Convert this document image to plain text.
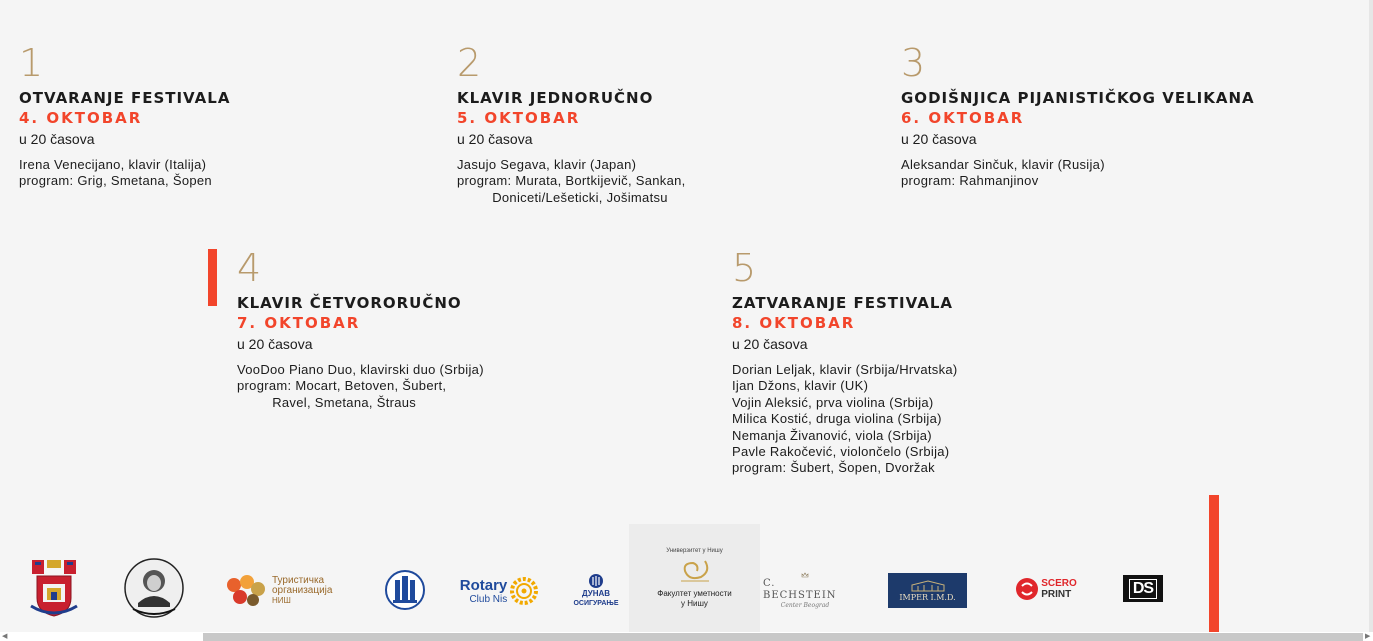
1
OTVARANJE FESTIVALA
4. OKTOBAR
u 20 časova
Irena Venecijano, klavir (Italija)
program: Grig, Smetana, Šopen
2
KLAVIR JEDNORUČNO
5. OKTOBAR
u 20 časova
Jasujo Segava, klavir (Japan)
program: Murata, Bortkijevič, Sankan,
Doniceti/Lešeticki, Jošimatsu
3
GODIŠNJICA PIJANISTIČKOG VELIKANA
6. OKTOBAR
u 20 časova
Aleksandar Sinčuk, klavir (Rusija)
program: Rahmanjinov
4
KLAVIR ČETVORORUČNO
7. OKTOBAR
u 20 časova
VooDoo Piano Duo, klavirski duo (Srbija)
program: Mocart, Betoven, Šubert,
Ravel, Smetana, Štraus
5
ZATVARANJE FESTIVALA
8. OKTOBAR
u 20 časova
Dorian Leljak, klavir (Srbija/Hrvatska)
Ijan Džons, klavir (UK)
Vojin Aleksić, prva violina (Srbija)
Milica Kostić, druga violina (Srbija)
Nemanja Živanović, viola (Srbija)
Pavle Rakočević, violončelo (Srbija)
program: Šubert, Šopen, Dvoržak
Туристичка
организација
НИШ
Rotary
Club Nis
ДУНАВ
ОСИГУРАЊЕ
Универзитет у Нишу
Факултет уметности
у Нишу
C. BECHSTEIN
Center Beograd
IMPER I.M.D.
SCERO
PRINT	DS
◀	▶
